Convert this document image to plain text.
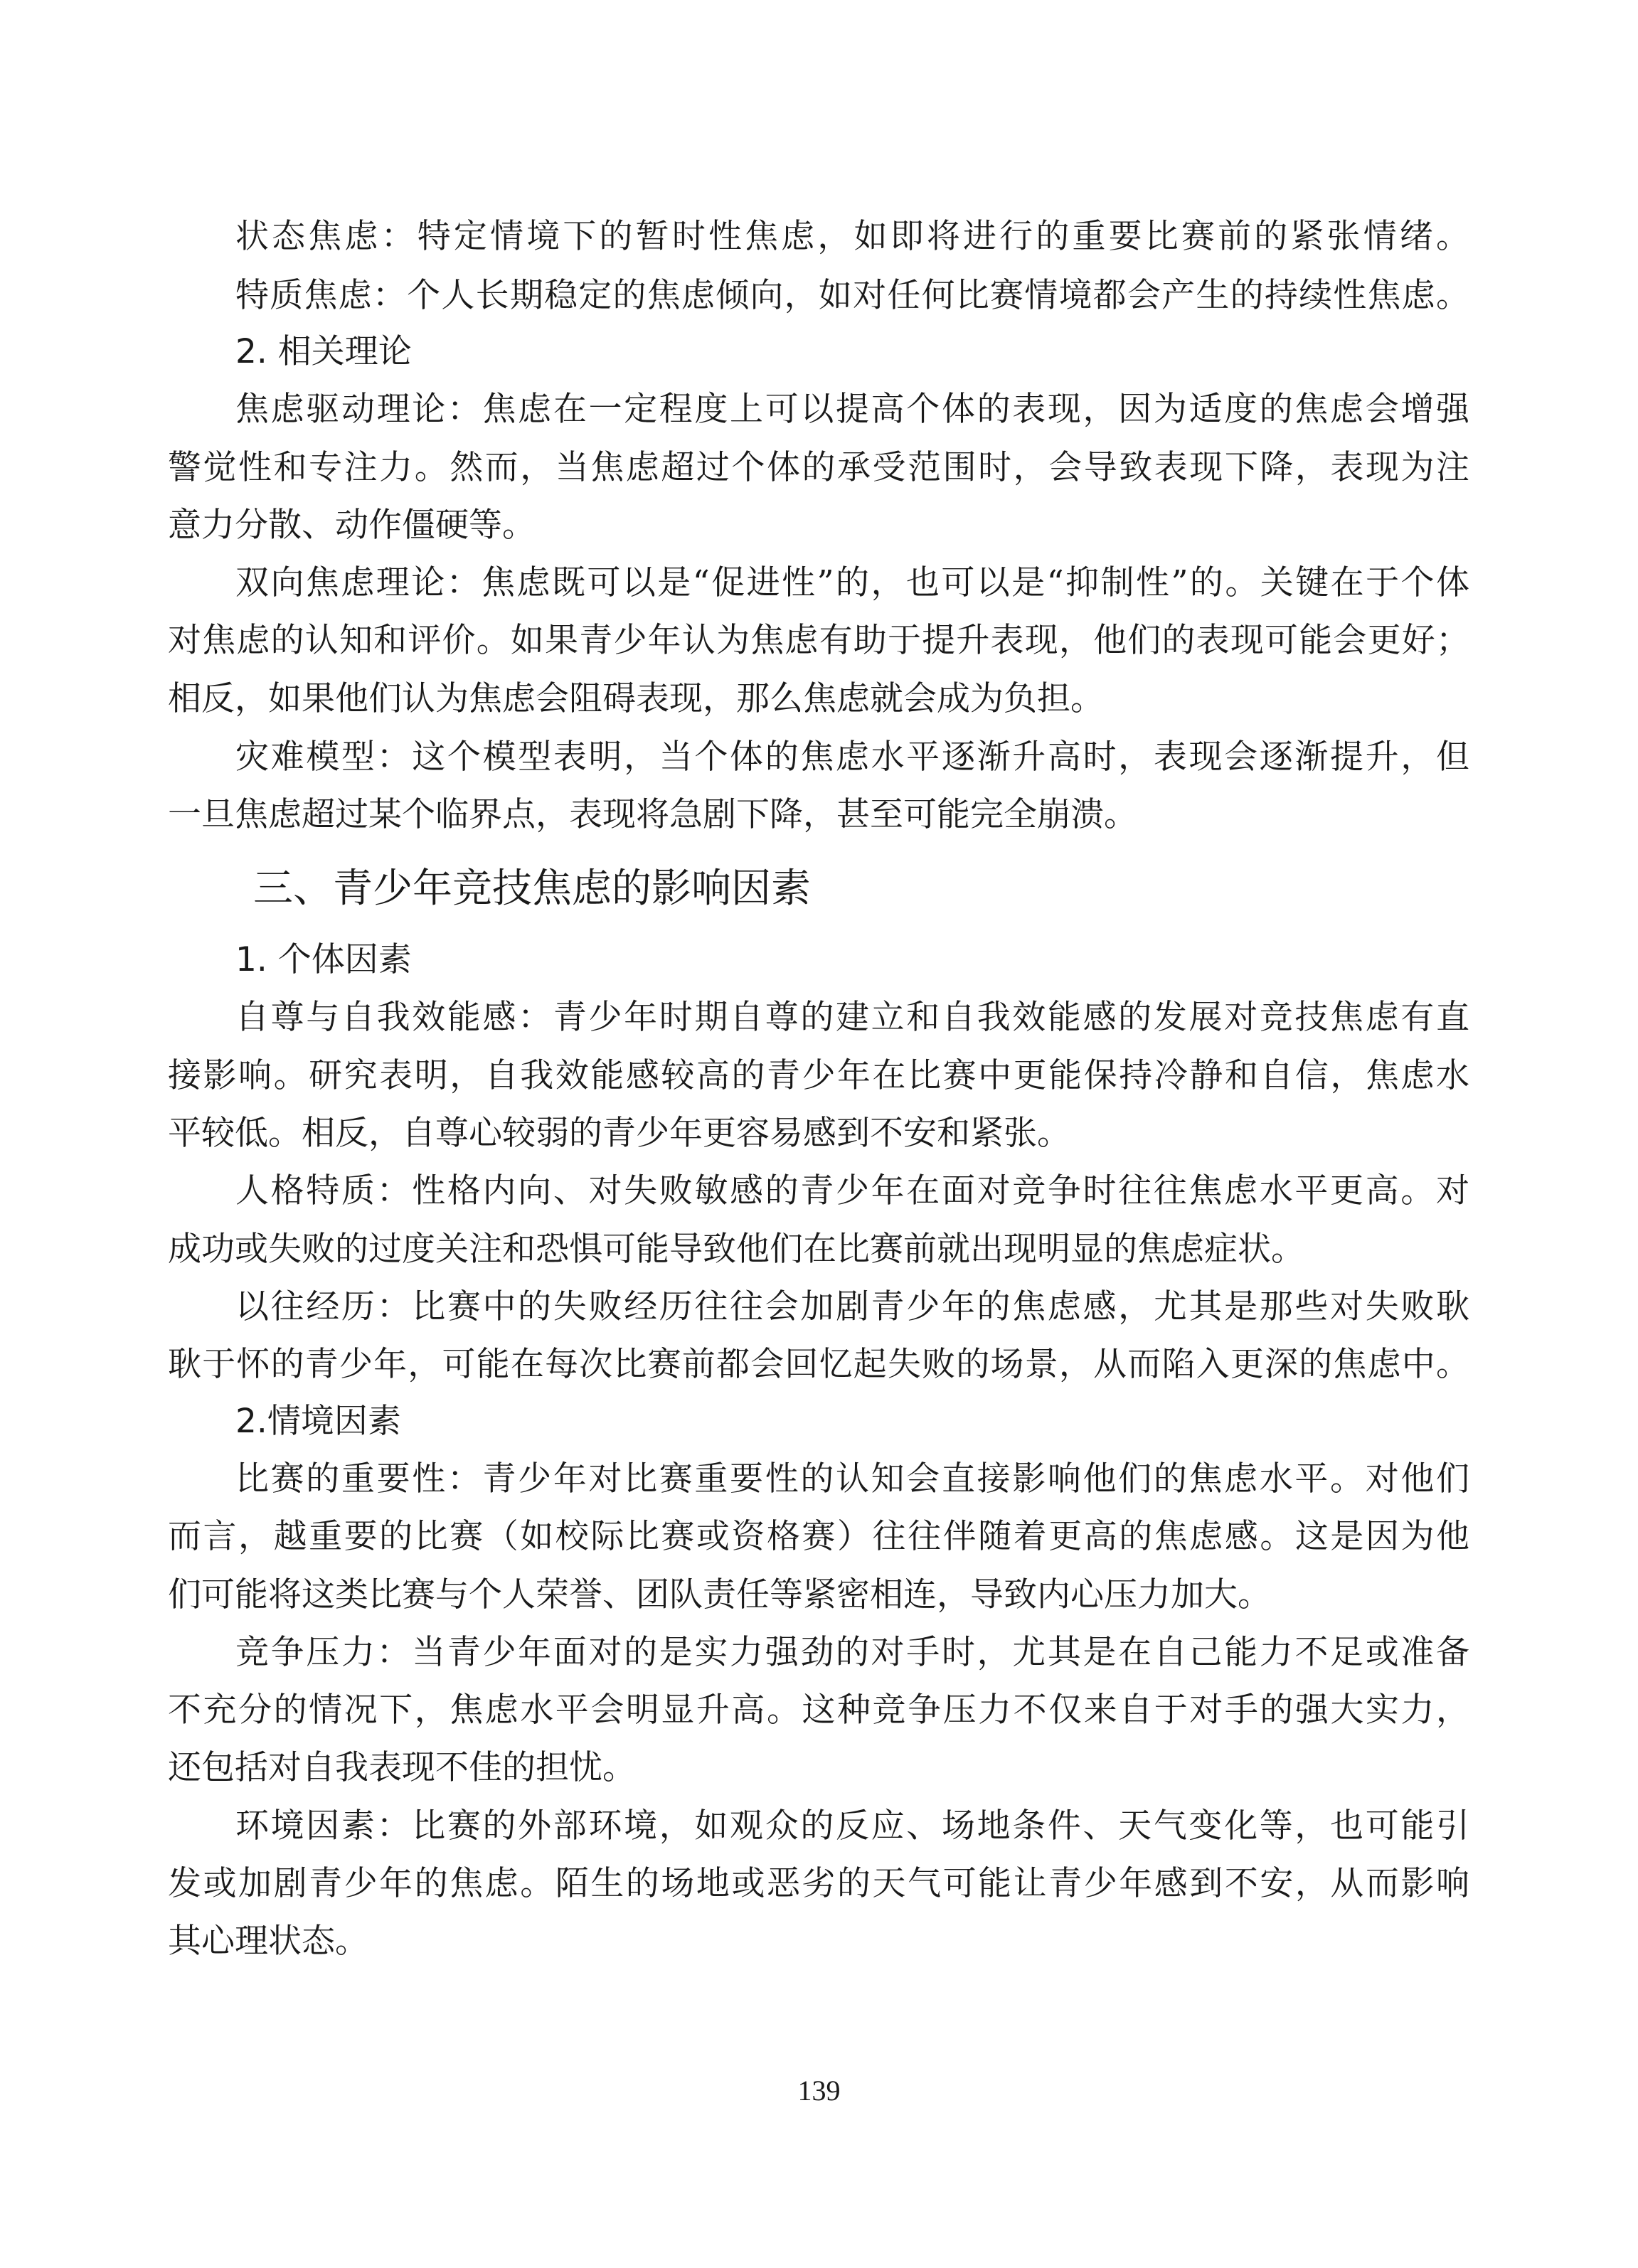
状态焦虑：特定情境下的暂时性焦虑，如即将进行的重要比赛前的紧张情绪。
特质焦虑：个人长期稳定的焦虑倾向，如对任何比赛情境都会产生的持续性焦虑。
2. 相关理论
焦虑驱动理论：焦虑在一定程度上可以提高个体的表现，因为适度的焦虑会增强
警觉性和专注力。然而，当焦虑超过个体的承受范围时，会导致表现下降，表现为注
意力分散、动作僵硬等。
双向焦虑理论：焦虑既可以是“促进性”的，也可以是“抑制性”的。关键在于个体
对焦虑的认知和评价。如果青少年认为焦虑有助于提升表现，他们的表现可能会更好；
相反，如果他们认为焦虑会阻碍表现，那么焦虑就会成为负担。
灾难模型：这个模型表明，当个体的焦虑水平逐渐升高时，表现会逐渐提升，但
一旦焦虑超过某个临界点，表现将急剧下降，甚至可能完全崩溃。
三、青少年竞技焦虑的影响因素
1. 个体因素
自尊与自我效能感：青少年时期自尊的建立和自我效能感的发展对竞技焦虑有直
接影响。研究表明，自我效能感较高的青少年在比赛中更能保持冷静和自信，焦虑水
平较低。相反，自尊心较弱的青少年更容易感到不安和紧张。
人格特质：性格内向、对失败敏感的青少年在面对竞争时往往焦虑水平更高。对
成功或失败的过度关注和恐惧可能导致他们在比赛前就出现明显的焦虑症状。
以往经历：比赛中的失败经历往往会加剧青少年的焦虑感，尤其是那些对失败耿
耿于怀的青少年，可能在每次比赛前都会回忆起失败的场景，从而陷入更深的焦虑中。
2.情境因素
比赛的重要性：青少年对比赛重要性的认知会直接影响他们的焦虑水平。对他们
而言，越重要的比赛（如校际比赛或资格赛）往往伴随着更高的焦虑感。这是因为他
们可能将这类比赛与个人荣誉、团队责任等紧密相连，导致内心压力加大。
竞争压力：当青少年面对的是实力强劲的对手时，尤其是在自己能力不足或准备
不充分的情况下，焦虑水平会明显升高。这种竞争压力不仅来自于对手的强大实力，
还包括对自我表现不佳的担忧。
环境因素：比赛的外部环境，如观众的反应、场地条件、天气变化等，也可能引
发或加剧青少年的焦虑。陌生的场地或恶劣的天气可能让青少年感到不安，从而影响
其心理状态。
139
